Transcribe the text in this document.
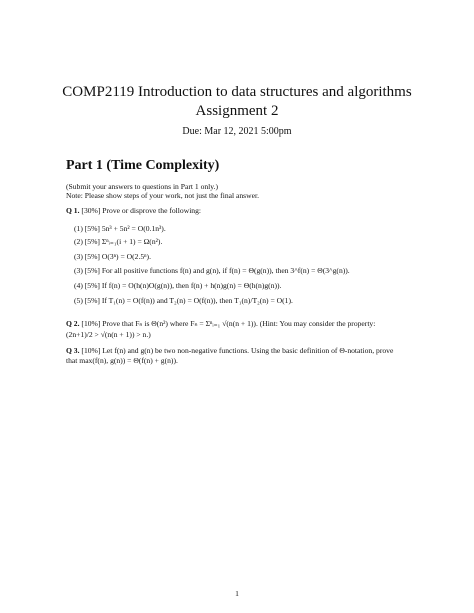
COMP2119 Introduction to data structures and algorithms
Assignment 2
Due: Mar 12, 2021 5:00pm
Part 1 (Time Complexity)
(Submit your answers to questions in Part 1 only.)
Note: Please show steps of your work, not just the final answer.
Q 1. [30%] Prove or disprove the following:
(1) [5%] 5n³ + 5n² = O(0.1n³).
(2) [5%] Σⁿᵢ₌₁(i + 1) = Ω(n²).
(3) [5%] O(3ⁿ) = O(2.5ⁿ).
(3) [5%] For all positive functions f(n) and g(n), if f(n) = Θ(g(n)), then 3^f(n) = Θ(3^g(n)).
(4) [5%] If f(n) = O(h(n)O(g(n)), then f(n) + h(n)g(n) = Θ(h(n)g(n)).
(5) [5%] If T₁(n) = O(f(n)) and T₂(n) = O(f(n)), then T₁(n)/T₂(n) = O(1).
Q 2. [10%] Prove that Fₙ is Θ(n²) where Fₙ = Σⁿᵢ₌₁ √(n(n + 1)). (Hint: You may consider the property:
(2n+1)/2 > √(n(n + 1)) > n.)
Q 3. [10%] Let f(n) and g(n) be two non-negative functions. Using the basic definition of Θ-notation, prove
that max(f(n), g(n)) = Θ(f(n) + g(n)).
1
